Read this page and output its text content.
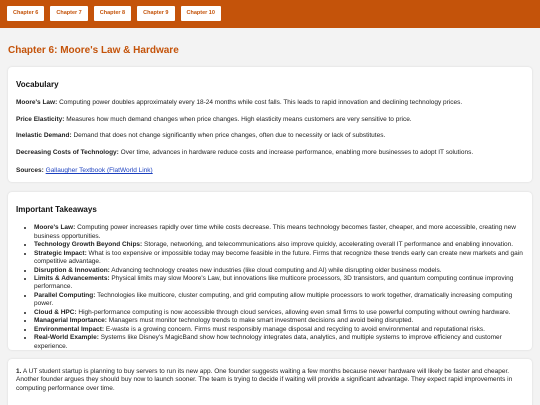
Chapter 6	Chapter 7	Chapter 8	Chapter 9	Chapter 10
Chapter 6: Moore's Law & Hardware
Vocabulary
Moore's Law: Computing power doubles approximately every 18-24 months while cost falls. This leads to rapid innovation and declining technology prices.
Price Elasticity: Measures how much demand changes when price changes. High elasticity means customers are very sensitive to price.
Inelastic Demand: Demand that does not change significantly when price changes, often due to necessity or lack of substitutes.
Decreasing Costs of Technology: Over time, advances in hardware reduce costs and increase performance, enabling more businesses to adopt IT solutions.
Sources: Gallaugher Textbook (FlatWorld Link)
Important Takeaways
• Moore's Law: Computing power increases rapidly over time while costs decrease. This means technology becomes faster, cheaper, and more accessible, creating new business opportunities.
• Technology Growth Beyond Chips: Storage, networking, and telecommunications also improve quickly, accelerating overall IT performance and enabling innovation.
• Strategic Impact: What is too expensive or impossible today may become feasible in the future. Firms that recognize these trends early can create new markets and gain competitive advantage.
• Disruption & Innovation: Advancing technology creates new industries (like cloud computing and AI) while disrupting older business models.
• Limits & Advancements: Physical limits may slow Moore's Law, but innovations like multicore processors, 3D transistors, and quantum computing continue improving performance.
• Parallel Computing: Technologies like multicore, cluster computing, and grid computing allow multiple processors to work together, dramatically increasing computing power.
• Cloud & HPC: High-performance computing is now accessible through cloud services, allowing even small firms to use powerful computing without owning hardware.
• Managerial Importance: Managers must monitor technology trends to make smart investment decisions and avoid being disrupted.
• Environmental Impact: E-waste is a growing concern. Firms must responsibly manage disposal and recycling to avoid environmental and reputational risks.
• Real-World Example: Systems like Disney's MagicBand show how technology integrates data, analytics, and multiple systems to improve efficiency and customer experience.
1. A UT student startup is planning to buy servers to run its new app. One founder suggests waiting a few months because newer hardware will likely be faster and cheaper. Another founder argues they should buy now to launch sooner. The team is trying to decide if waiting will provide a significant advantage. They expect rapid improvements in computing performance over time.
